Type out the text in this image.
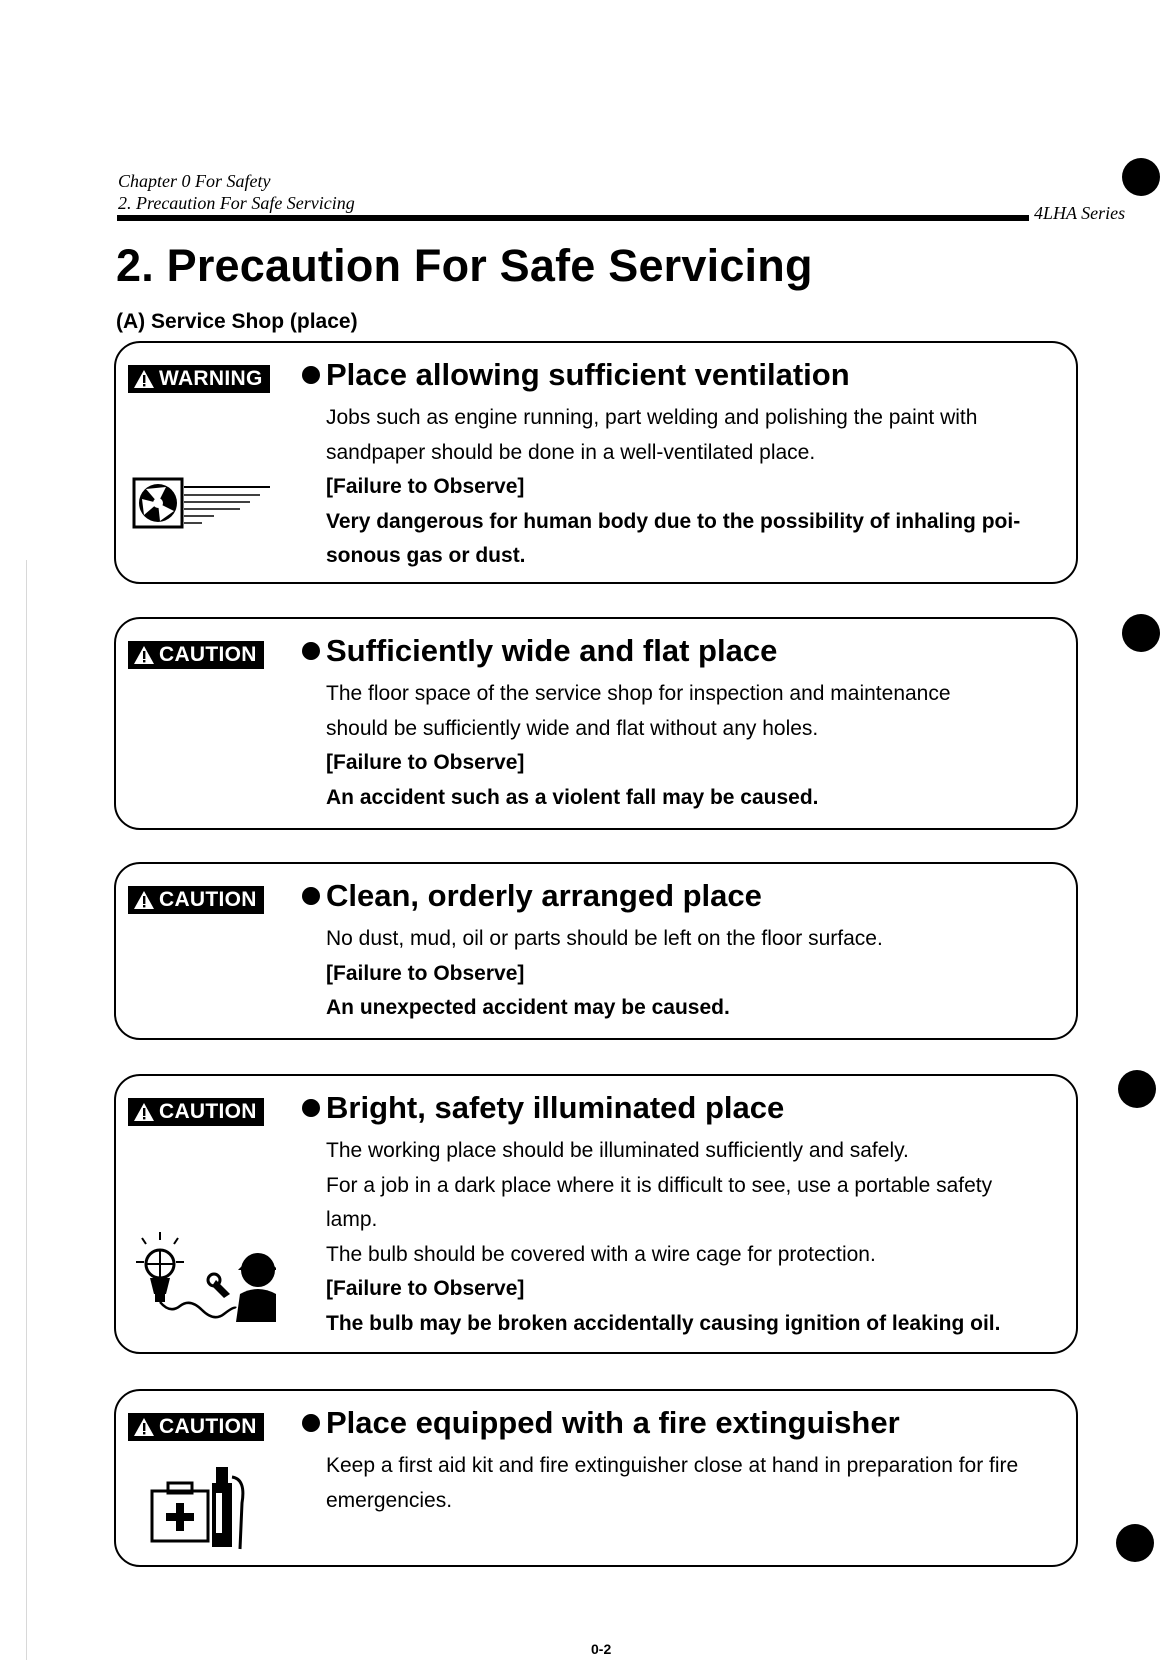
Chapter 0 For Safety
2. Precaution For Safe Servicing	4LHA Series
2. Precaution For Safe Servicing
(A) Service Shop (place)
WARNING Place allowing sufficient ventilation
Jobs such as engine running, part welding and polishing the paint with
sandpaper should be done in a well-ventilated place.
[Failure to Observe]
Very dangerous for human body due to the possibility of inhaling poi-
sonous gas or dust.
CAUTION Sufficiently wide and flat place
The floor space of the service shop for inspection and maintenance
should be sufficiently wide and flat without any holes.
[Failure to Observe]
An accident such as a violent fall may be caused.
CAUTION Clean, orderly arranged place
No dust, mud, oil or parts should be left on the floor surface.
[Failure to Observe]
An unexpected accident may be caused.
CAUTION Bright, safety illuminated place
The working place should be illuminated sufficiently and safely.
For a job in a dark place where it is difficult to see, use a portable safety
lamp.
The bulb should be covered with a wire cage for protection.
[Failure to Observe]
The bulb may be broken accidentally causing ignition of leaking oil.
CAUTION Place equipped with a fire extinguisher
Keep a first aid kit and fire extinguisher close at hand in preparation for fire
emergencies.
0-2
